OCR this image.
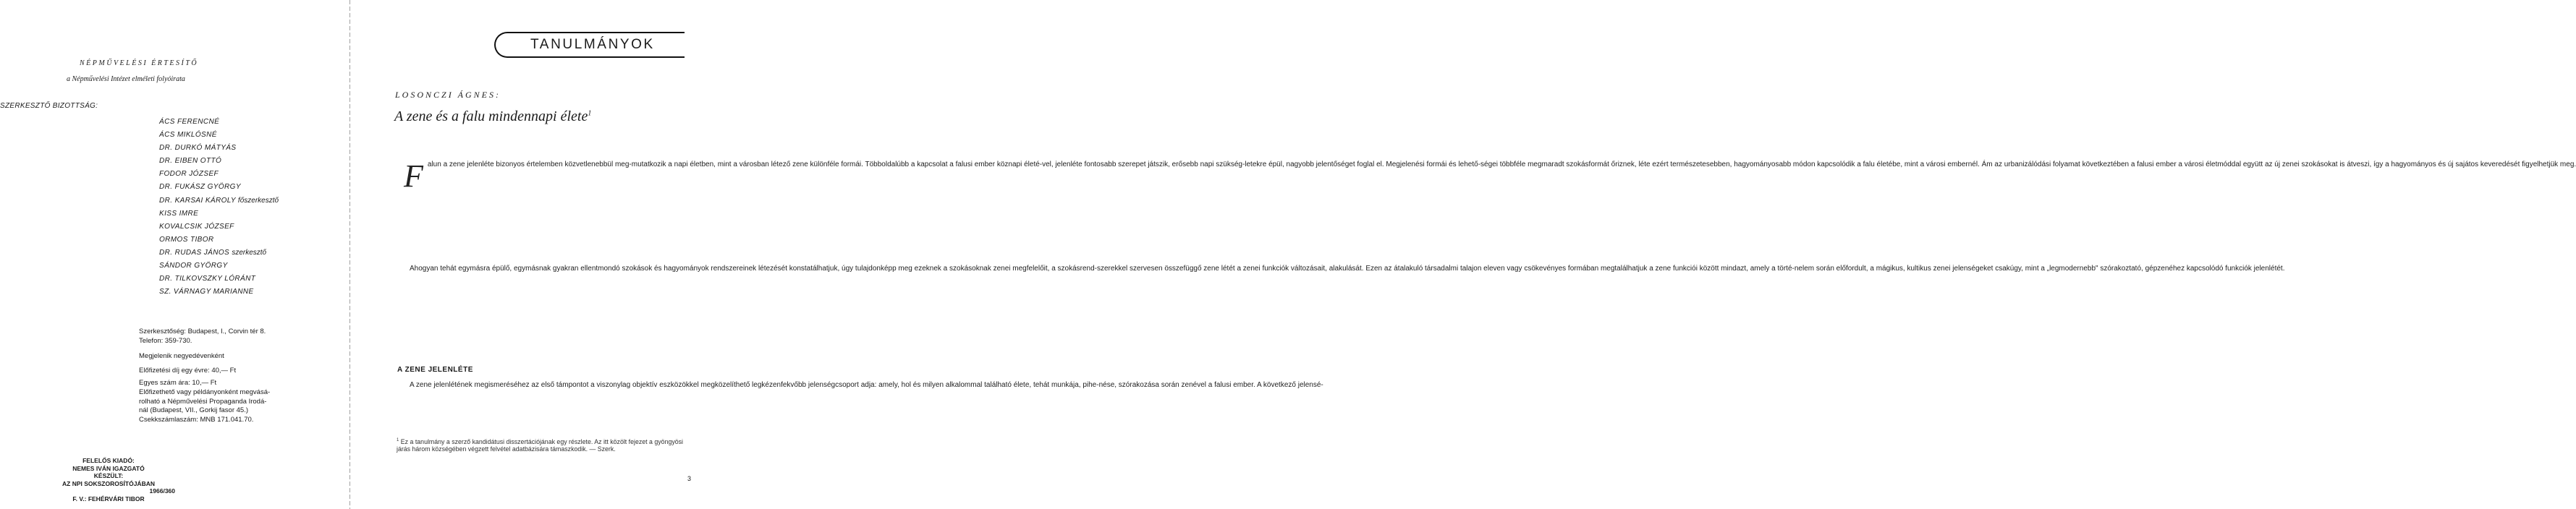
NÉPMŰVELÉSI ÉRTESÍTŐ
a Népművelési Intézet elméleti folyóirata
SZERKESZTŐ BIZOTTSÁG:
ÁCS FERENCNÉ
ÁCS MIKLÓSNÉ
DR. DURKÓ MÁTYÁS
DR. EIBEN OTTÓ
FODOR JÓZSEF
DR. FUKÁSZ GYÖRGY
DR. KARSAI KÁROLY főszerkesztő
KISS IMRE
KOVALCSIK JÓZSEF
ORMOS TIBOR
DR. RUDAS JÁNOS szerkesztő
SÁNDOR GYÖRGY
DR. TILKOVSZKY LÓRÁNT
SZ. VÁRNAGY MARIANNE
Szerkesztőség: Budapest, I., Corvin tér 8.
Telefon: 359-730.
Megjelenik negyedévenként
Előfizetési díj egy évre: 40,— Ft
Egyes szám ára: 10,— Ft
Előfizethető vagy példányonként megvásá-
rolható a Népművelési Propaganda Irodá-
nál (Budapest, VII., Gorkij fasor 45.)
Csekkszámlaszám: MNB 171.041.70.
FELELŐS KIADÓ:
NEMES IVÁN IGAZGATÓ
KÉSZÜLT:
AZ NPI SOKSZOROSÍTÓJÁBAN
1966/360
F. V.: FEHÉRVÁRI TIBOR
TANULMÁNYOK
LOSONCZI ÁGNES:
A zene és a falu mindennapi élete$^1$

Falun a zene jelenléte bizonyos értelemben közvetlenebbül meg-mutatkozik a napi életben, mint a városban létező zene különféle formái. Többoldalúbb a kapcsolat a falusi ember köznapi életé-vel, jelenléte fontosabb szerepet játszik, erősebb napi szükség-letekre épül, nagyobb jelentőséget foglal el. Megjelenési formái és lehető-ségei többféle megmaradt szokásformát őriznek, léte ezért természetesebben, hagyományosabb módon kapcsolódik a falu életébe, mint a városi embernél. Ám az urbanizálódási folyamat következtében a falusi ember a városi életmóddal együtt az új zenei szokásokat is átveszi, így a hagyományos és új sajátos keveredését figyelhetjük meg.

Ahogyan tehát egymásra épülő, egymásnak gyakran ellentmondó szokások és hagyományok rendszereinek létezését konstatálhatjuk, úgy tulajdonképp meg ezeknek a szokásoknak zenei megfelelőit, a szokásrend-szerekkel szervesen összefüggő zene létét a zenei funkciók változásait, alakulását. Ezen az átalakuló társadalmi talajon eleven vagy csökevényes formában megtalálhatjuk a zene funkciói között mindazt, amely a törté-nelem során előfordult, a mágikus, kultikus zenei jelenségeket csakúgy, mint a „legmodernebb" szórakoztató, gépzenéhez kapcsolódó funkciók jelenlétét.

A ZENE JELENLÉTE

A zene jelenlétének megismeréséhez az első támpontot a viszonylag objektív eszközökkel megközelíthető legkézenfekvőbb jelenségcsoport adja: amely, hol és milyen alkalommal található élete, tehát munkája, pihe-nése, szórakozása során zenével a falusi ember. A következő jelensé-

$^1$ Ez a tanulmány a szerző kandidátusi disszertációjának egy részlete. Az itt közölt fejezet a gyöngyösi járás három községében végzett felvétel adatbázisára támaszkodik. — Szerk.
3
